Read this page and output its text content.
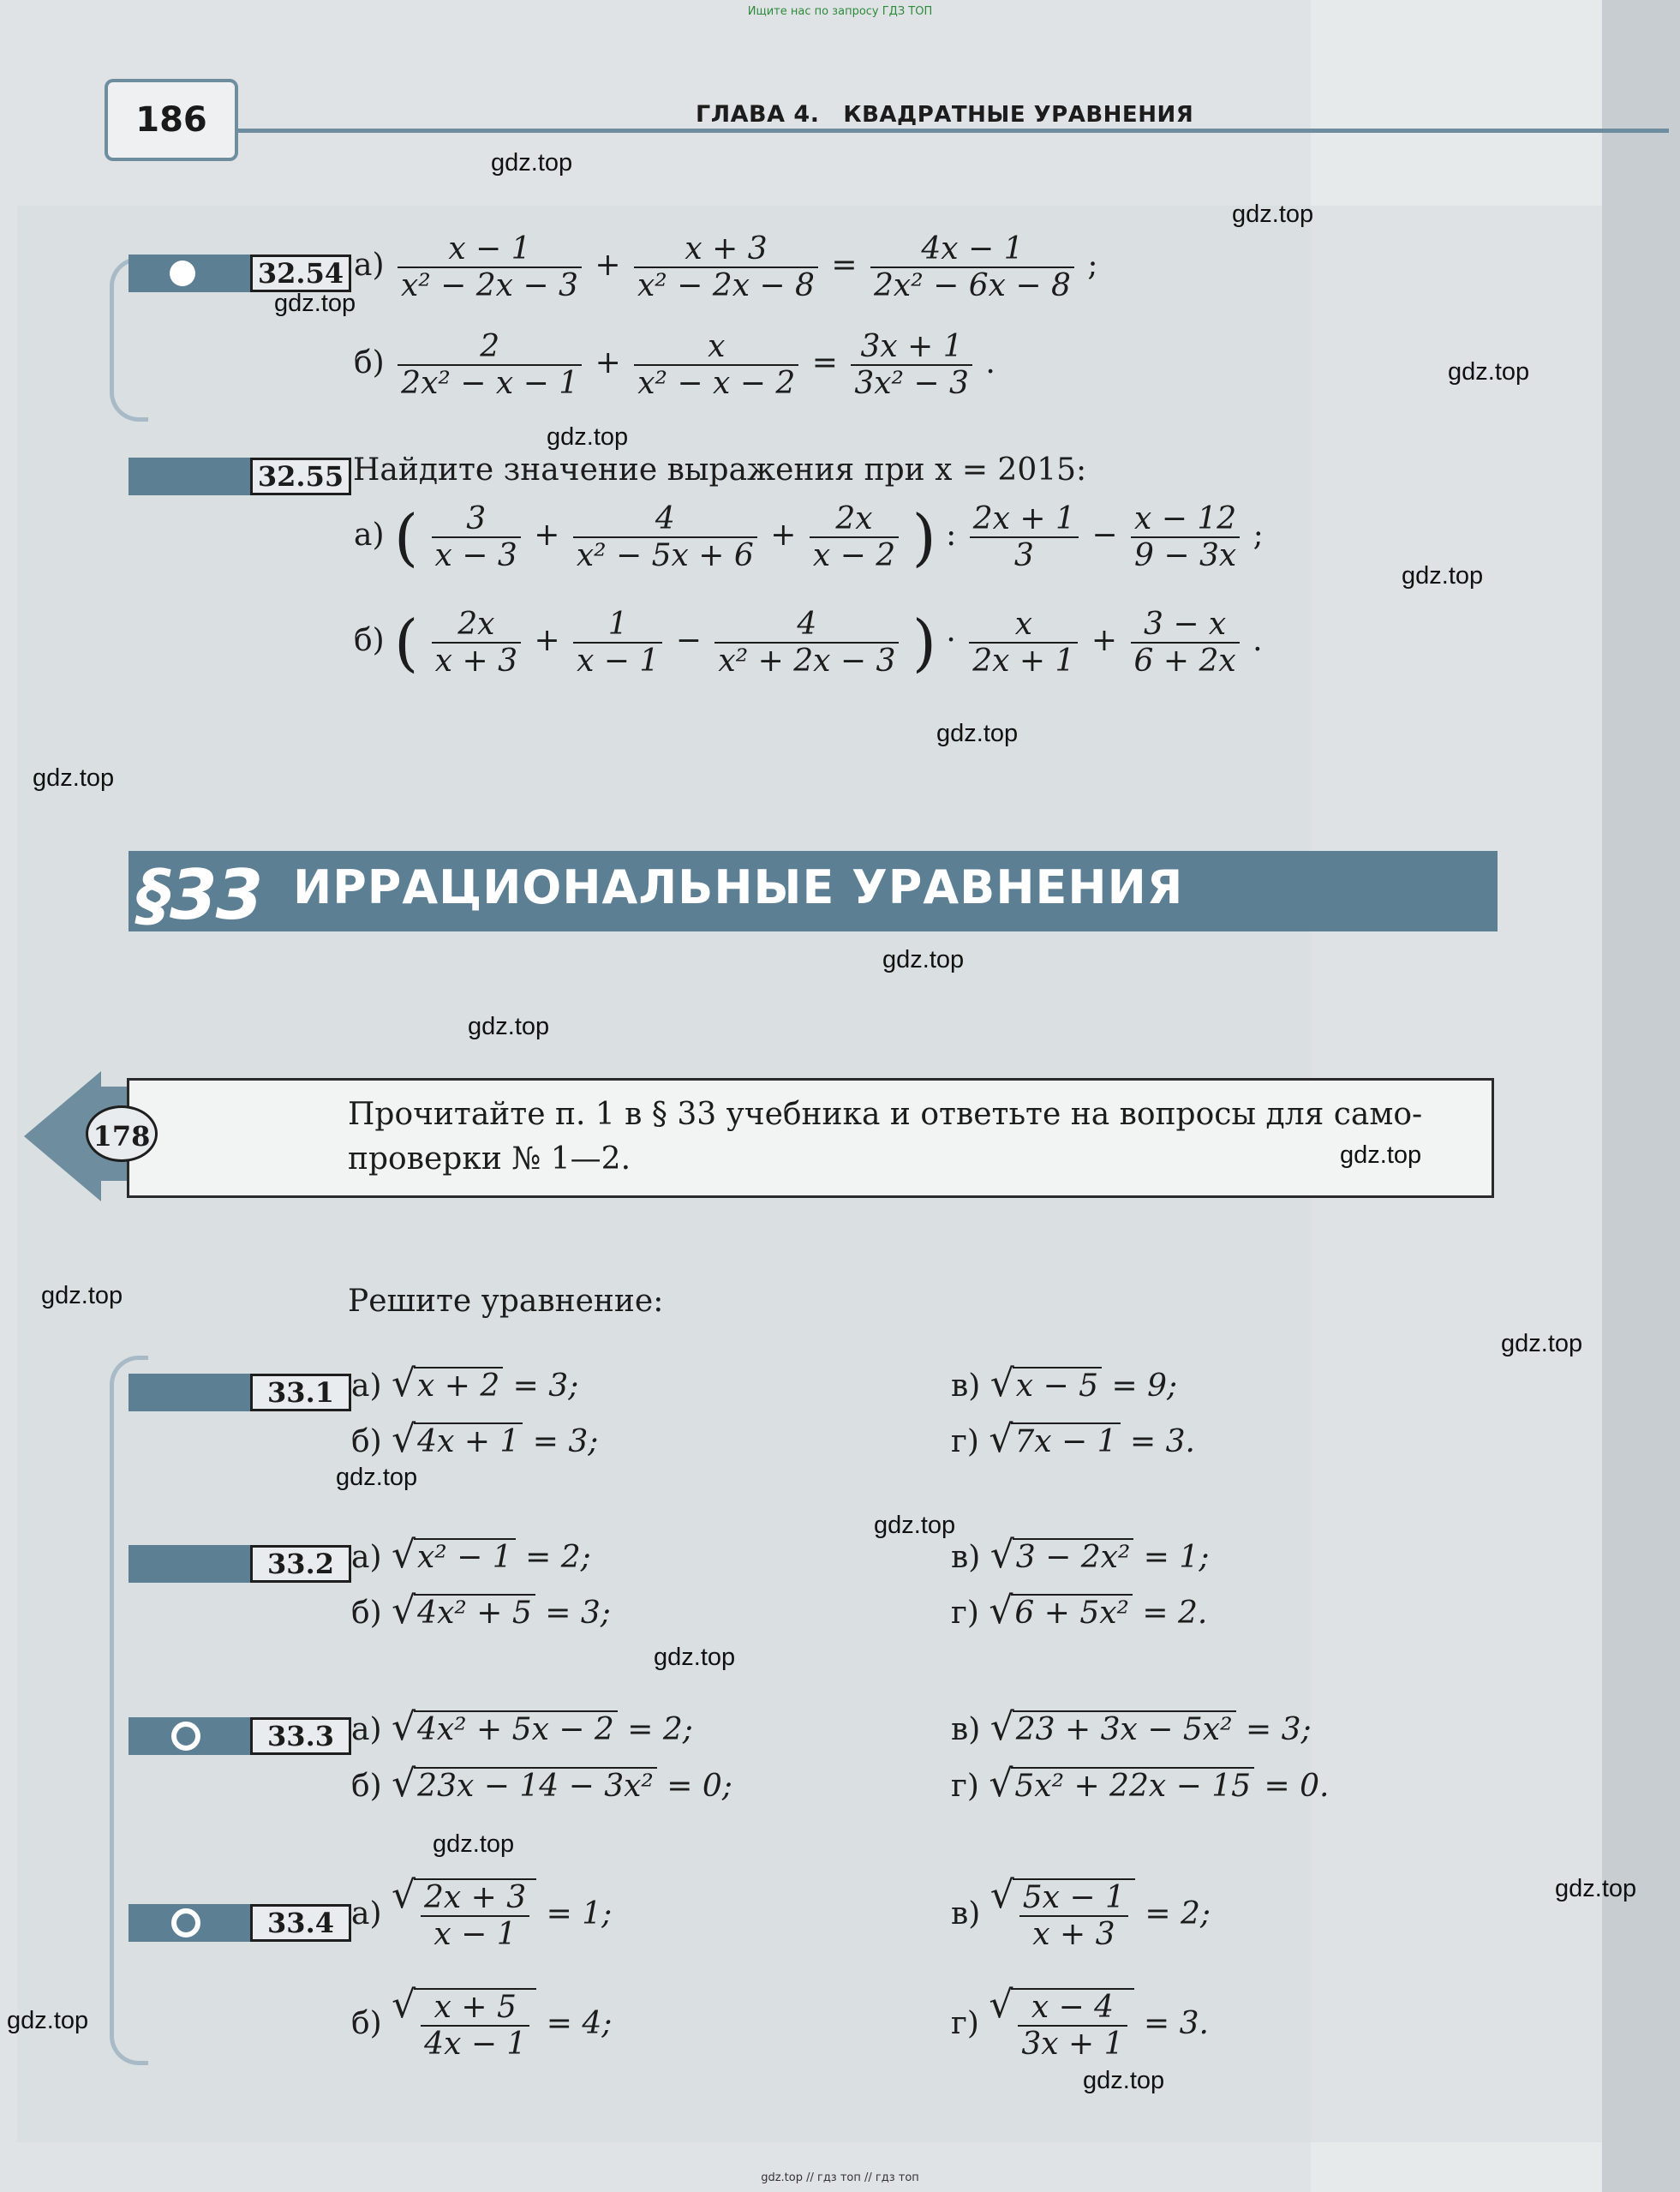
Ищите нас по запросу ГДЗ ТОП
186	ГЛАВА 4. КВАДРАТНЫЕ УРАВНЕНИЯ
32.54 $а) \frac{x - 1}{\text{x² − 2x − 3}} + \frac{x + 3}{\text{x² − 2x − 8}} = \frac{4x - 1}{\text{2x² − 6x − 8}}$ ;
$б) \frac{2}{\text{2x² − x − 1}} + \frac{x}{\text{x² − x − 2}} = \frac{3x + 1}{\text{3x² − 3}}$ .
32.55 Найдите значение выражения при x = 2015:
а) ( $\frac{3}{x - 3} + \frac{4}{\text{x² − 5x + 6}} + \frac{2x}{x - 2}$ ) : $\frac{2x + 1}{3} - \frac{x - 12}{9 - 3x}$ ;
б) ( $\frac{2x}{x + 3} + \frac{1}{x - 1} - \frac{4}{\text{x² + 2x − 3}}$ ) · $\frac{x}{2x + 1} + \frac{3 - x}{6 + 2x}$ .
§33 ИРРАЦИОНАЛЬНЫЕ УРАВНЕНИЯ
178
Прочитайте п. 1 в § 33 учебника и ответьте на вопросы для само-
проверки № 1—2.
Решите уравнение:
33.1 а) √ x + 2 = 3;
б) √ 4x + 1 = 3;
в) √ x − 5 = 9;
г) √ 7x − 1 = 3.
33.2 а) √ x² − 1 = 2;
б) √ 4x² + 5 = 3;
в) √ 3 − 2x² = 1;
г) √ 6 + 5x² = 2.
33.3 а) √ 4x² + 5x − 2 = 2;
б) √ 23x − 14 − 3x² = 0;
в) √ 23 + 3x − 5x² = 3;
г) √ 5x² + 22x − 15 = 0.
33.4 а) √ $\frac{2x + 3}{x - 1} = 1$;
б) √ $\frac{x + 5}{4x - 1} = 4$;
в) √ $\frac{5x - 1}{x + 3} = 2$;
г) √ $\frac{x - 4}{3x + 1} = 3$.
gdz.top
gdz.top
gdz.top
gdz.top
gdz.top
gdz.top
gdz.top
gdz.top
gdz.top
gdz.top
gdz.top
gdz.top
gdz.top
gdz.top
gdz.top
gdz.top
gdz.top
gdz.top
gdz.top
gdz.top
gdz.top // гдз топ // гдз топ
